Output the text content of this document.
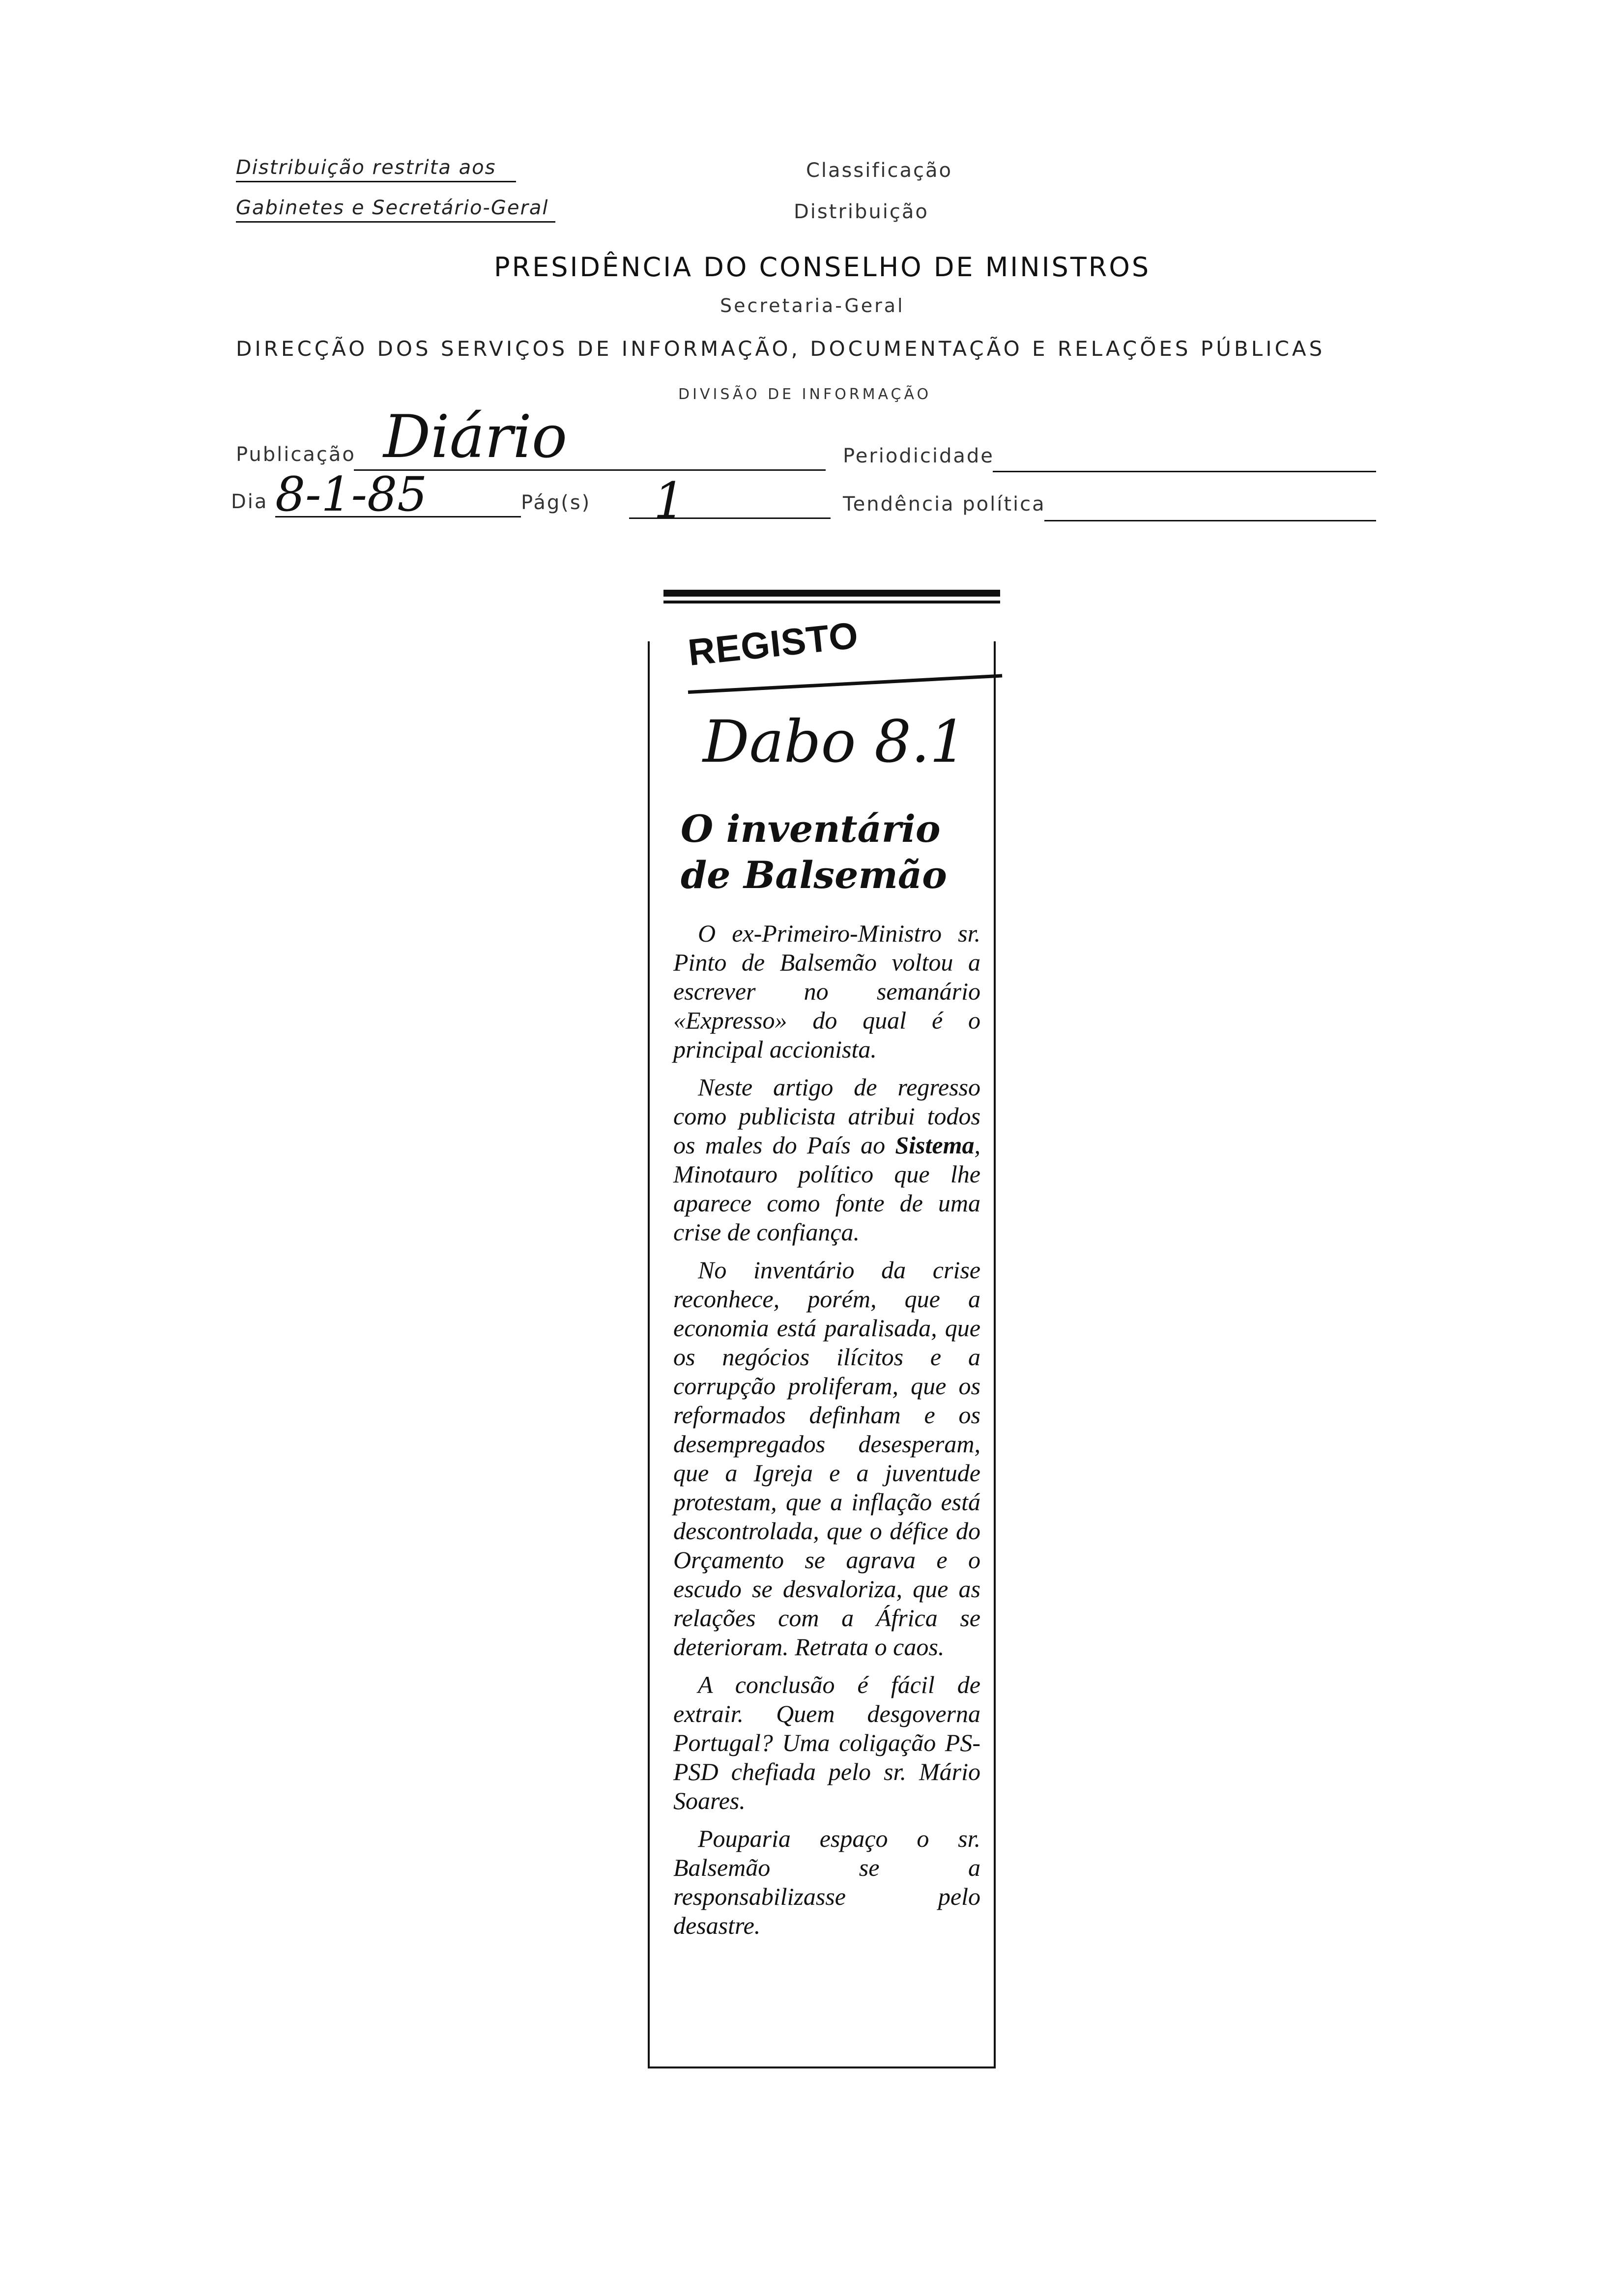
Distribuição restrita aos
Gabinetes e Secretário-Geral
Classificação
Distribuição
PRESIDÊNCIA DO CONSELHO DE MINISTROS
Secretaria-Geral
DIRECÇÃO DOS SERVIÇOS DE INFORMAÇÃO, DOCUMENTAÇÃO E RELAÇÕES PÚBLICAS
DIVISÃO DE INFORMAÇÃO
Publicação Diário	Periodicidade
Dia 8-1-85	Pág(s) 1	Tendência política
REGISTO
Dabo 8.1
O inventário
de Balsemão

O ex-Primeiro-Ministro sr. Pinto de Balsemão voltou a escrever no semanário «Expresso» do qual é o principal accionista.

Neste artigo de regresso como publicista atribui todos os males do País ao Sistema, Minotauro político que lhe aparece como fonte de uma crise de confiança.

No inventário da crise reconhece, porém, que a economia está paralisada, que os negócios ilícitos e a corrupção proliferam, que os reformados definham e os desempregados desesperam, que a Igreja e a juventude protestam, que a inflação está descontrolada, que o défice do Orçamento se agrava e o escudo se desvaloriza, que as relações com a África se deterioram. Retrata o caos.

A conclusão é fácil de extrair. Quem desgoverna Portugal? Uma coligação PS-PSD chefiada pelo sr. Mário Soares.

Pouparia espaço o sr. Balsemão se a responsabilizasse pelo desastre.
